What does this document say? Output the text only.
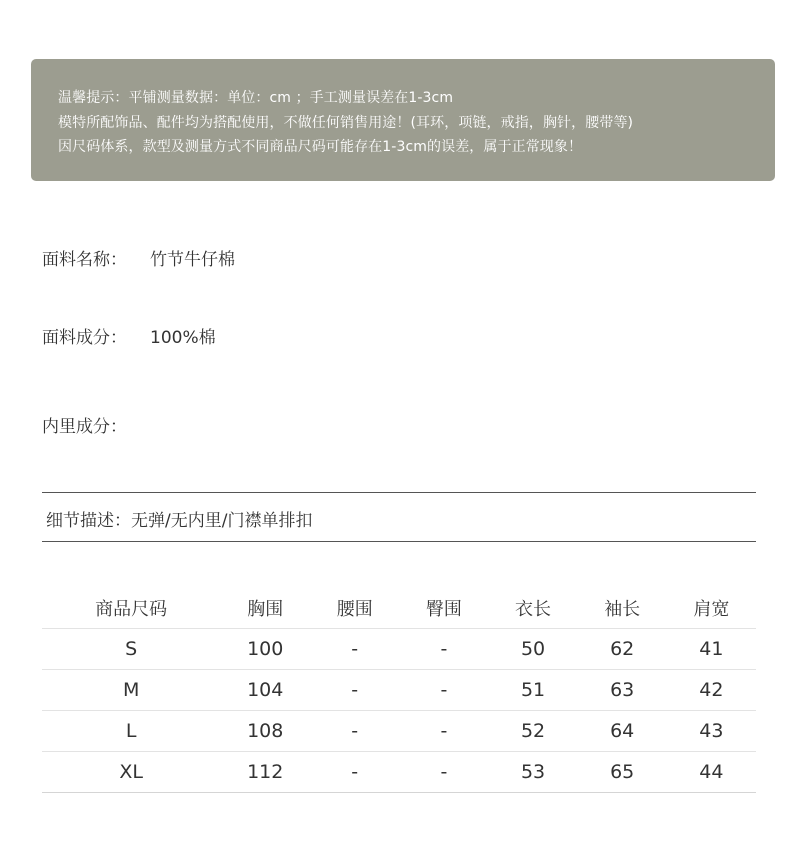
温馨提示：平铺测量数据：单位：cm ；手工测量误差在1-3cm
模特所配饰品、配件均为搭配使用，不做任何销售用途！(耳环，项链，戒指，胸针，腰带等)
因尺码体系，款型及测量方式不同商品尺码可能存在1-3cm的误差，属于正常现象！
面料名称： 竹节牛仔棉
面料成分： 100%棉
内里成分：
细节描述：无弹/无内里/门襟单排扣
商品尺码	胸围	腰围	臀围	衣长	袖长	肩宽
S	100	-	-	50	62	41
M	104	-	-	51	63	42
L	108	-	-	52	64	43
XL	112	-	-	53	65	44
